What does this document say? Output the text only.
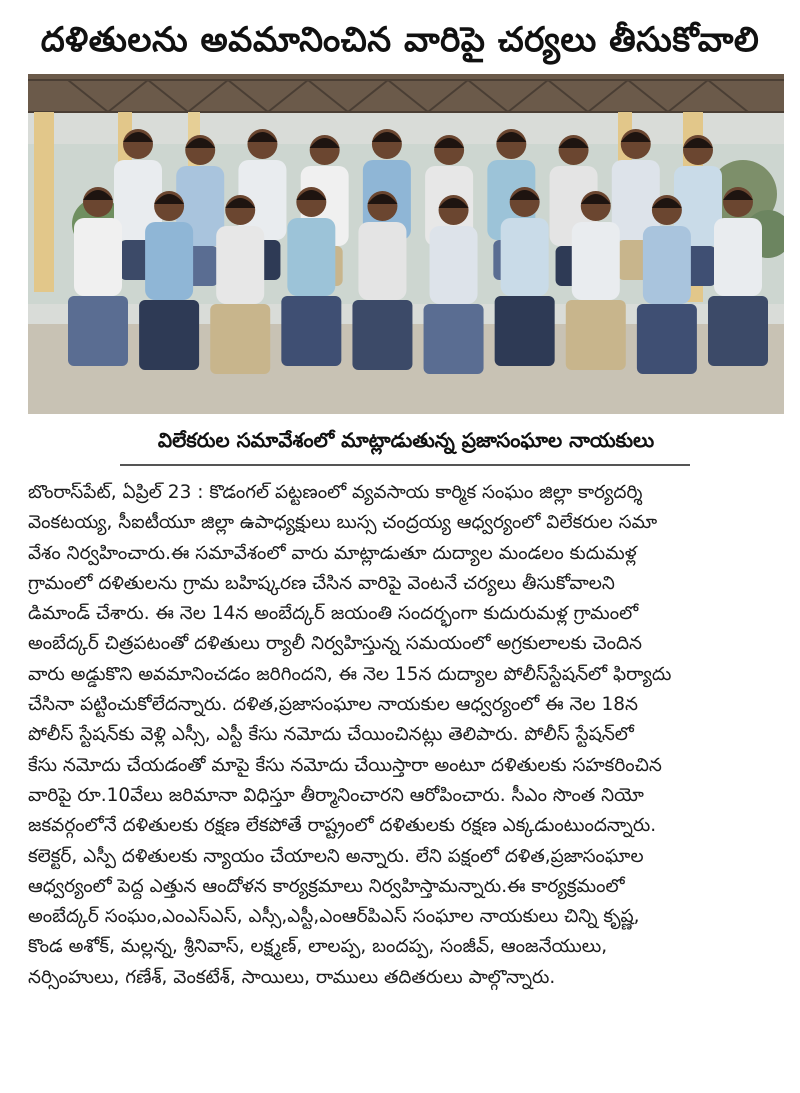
దళితులను అవమానించిన వారిపై చర్యలు తీసుకోవాలి
విలేకరుల సమావేశంలో మాట్లాడుతున్న ప్రజాసంఘాల నాయకులు
బొంరాస్‌పేట్, ఏప్రిల్ 23 : కొడంగల్ పట్టణంలో వ్యవసాయ కార్మిక సంఘం జిల్లా కార్యదర్శి
వెంకటయ్య, సీఐటీయూ జిల్లా ఉపాధ్యక్షులు బుస్స చంద్రయ్య ఆధ్వర్యంలో విలేకరుల సమా
వేశం నిర్వహించారు.ఈ సమావేశంలో వారు మాట్లాడుతూ దుద్యాల మండలం కుదుమళ్ల
గ్రామంలో దళితులను గ్రామ బహిష్కరణ చేసిన వారిపై వెంటనే చర్యలు తీసుకోవాలని
డిమాండ్ చేశారు. ఈ నెల 14న అంబేద్కర్ జయంతి సందర్భంగా కుదురుమళ్ల గ్రామంలో
అంబేద్కర్ చిత్రపటంతో దళితులు ర్యాలీ నిర్వహిస్తున్న సమయంలో అగ్రకులాలకు చెందిన
వారు అడ్డుకొని అవమానించడం జరిగిందని, ఈ నెల 15న దుద్యాల పోలీస్‌స్టేషన్‌లో ఫిర్యాదు
చేసినా పట్టించుకోలేదన్నారు. దళిత,ప్రజాసంఘాల నాయకుల ఆధ్వర్యంలో ఈ నెల 18న
పోలీస్ స్టేషన్‌కు వెళ్లి ఎస్సీ, ఎస్టీ కేసు నమోదు చేయించినట్లు తెలిపారు. పోలీస్ స్టేషన్‌లో
కేసు నమోదు చేయడంతో మాపై కేసు నమోదు చేయిస్తారా అంటూ దళితులకు సహకరించిన
వారిపై రూ.10వేలు జరిమానా విధిస్తూ తీర్మానించారని ఆరోపించారు. సీఎం సొంత నియో
జకవర్గంలోనే దళితులకు రక్షణ లేకపోతే రాష్ట్రంలో దళితులకు రక్షణ ఎక్కడుంటుందన్నారు.
కలెక్టర్, ఎస్పీ దళితులకు న్యాయం చేయాలని అన్నారు. లేని పక్షంలో దళిత,ప్రజాసంఘాల
ఆధ్వర్యంలో పెద్ద ఎత్తున ఆందోళన కార్యక్రమాలు నిర్వహిస్తామన్నారు.ఈ కార్యక్రమంలో
అంబేద్కర్ సంఘం,ఎంఎస్ఎస్, ఎస్సీ,ఎస్టీ,ఎంఆర్‌పిఎస్ సంఘాల నాయకులు చిన్ని కృష్ణ,
కొండ అశోక్, మల్లన్న, శ్రీనివాస్, లక్ష్మణ్, లాలప్ప, బందప్ప, సంజీవ్, ఆంజనేయులు,
నర్సింహులు, గణేశ్, వెంకటేశ్, సాయిలు, రాములు తదితరులు పాల్గొన్నారు.
